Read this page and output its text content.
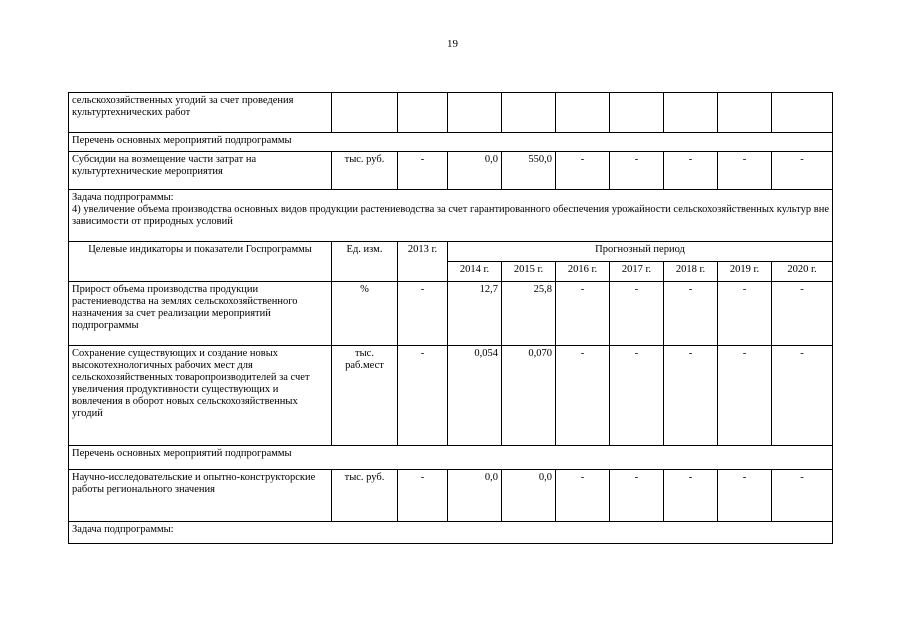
19
сельскохозяйственных угодий за счет проведения культуртехнических работ									
Перечень основных мероприятий подпрограммы									
Субсидии на возмещение части затрат на культуртехнические мероприятия	тыс. руб.	-	0,0	550,0	-	-	-	-	-

Задача подпрограммы:
4) увеличение объема производства основных видов продукции растениеводства за счет гарантированного обеспечения урожайности сельскохозяйственных культур вне зависимости от природных условий									

Целевые индикаторы и показатели Госпрограммы	Ед. изм.	2013 г.	Прогнозный период						
			2014 г.	2015 г.	2016 г.	2017 г.	2018 г.	2019 г.	2020 г.
Прирост объема производства продукции растениеводства на землях сельскохозяйственного назначения за счет реализации мероприятий подпрограммы	%	-	12,7	25,8	-	-	-	-	-
Сохранение существующих и создание новых высокотехнологичных рабочих мест для сельскохозяйственных товаропроизводителей за счет увеличения продуктивности существующих и вовлечения в оборот новых сельскохозяйственных угодий	тыс. раб.мест	-	0,054	0,070	-	-	-	-	-
Перечень основных мероприятий подпрограммы									
Научно-исследовательские и опытно-конструкторские работы регионального значения	тыс. руб.	-	0,0	0,0	-	-	-	-	-
Задача подпрограммы:									
